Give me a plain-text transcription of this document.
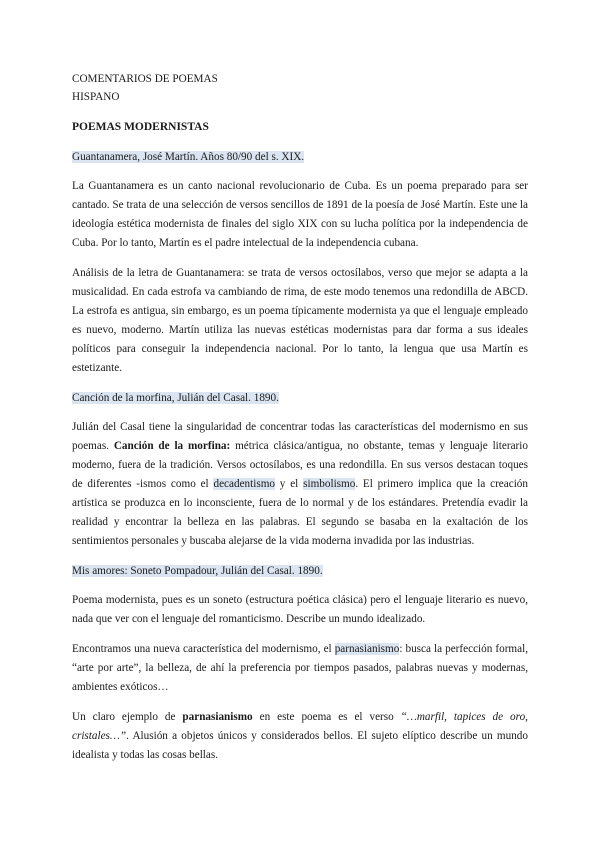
COMENTARIOS DE POEMAS

HISPANO

POEMAS MODERNISTAS

Guantanamera, José Martín. Años 80/90 del s. XIX.

La Guantanamera es un canto nacional revolucionario de Cuba. Es un poema preparado para ser cantado. Se trata de una selección de versos sencillos de 1891 de la poesía de José Martín. Este une la ideología estética modernista de finales del siglo XIX con su lucha política por la independencia de Cuba. Por lo tanto, Martín es el padre intelectual de la independencia cubana.

Análisis de la letra de Guantanamera: se trata de versos octosílabos, verso que mejor se adapta a la musicalidad. En cada estrofa va cambiando de rima, de este modo tenemos una redondilla de ABCD. La estrofa es antigua, sin embargo, es un poema típicamente modernista ya que el lenguaje empleado es nuevo, moderno. Martín utiliza las nuevas estéticas modernistas para dar forma a sus ideales políticos para conseguir la independencia nacional. Por lo tanto, la lengua que usa Martín es estetizante.

Canción de la morfina, Julián del Casal. 1890.

Julián del Casal tiene la singularidad de concentrar todas las características del modernismo en sus poemas. Canción de la morfina: métrica clásica/antigua, no obstante, temas y lenguaje literario moderno, fuera de la tradición. Versos octosílabos, es una redondilla. En sus versos destacan toques de diferentes -ismos como el decadentismo y el simbolismo. El primero implica que la creación artística se produzca en lo inconsciente, fuera de lo normal y de los estándares. Pretendía evadir la realidad y encontrar la belleza en las palabras. El segundo se basaba en la exaltación de los sentimientos personales y buscaba alejarse de la vida moderna invadida por las industrias.

Mis amores: Soneto Pompadour, Julián del Casal. 1890.

Poema modernista, pues es un soneto (estructura poética clásica) pero el lenguaje literario es nuevo, nada que ver con el lenguaje del romanticismo. Describe un mundo idealizado.

Encontramos una nueva característica del modernismo, el parnasianismo: busca la perfección formal, “arte por arte”, la belleza, de ahí la preferencia por tiempos pasados, palabras nuevas y modernas, ambientes exóticos…

Un claro ejemplo de parnasianismo en este poema es el verso “…marfil, tapices de oro, cristales…”. Alusión a objetos únicos y considerados bellos. El sujeto elíptico describe un mundo idealista y todas las cosas bellas.
